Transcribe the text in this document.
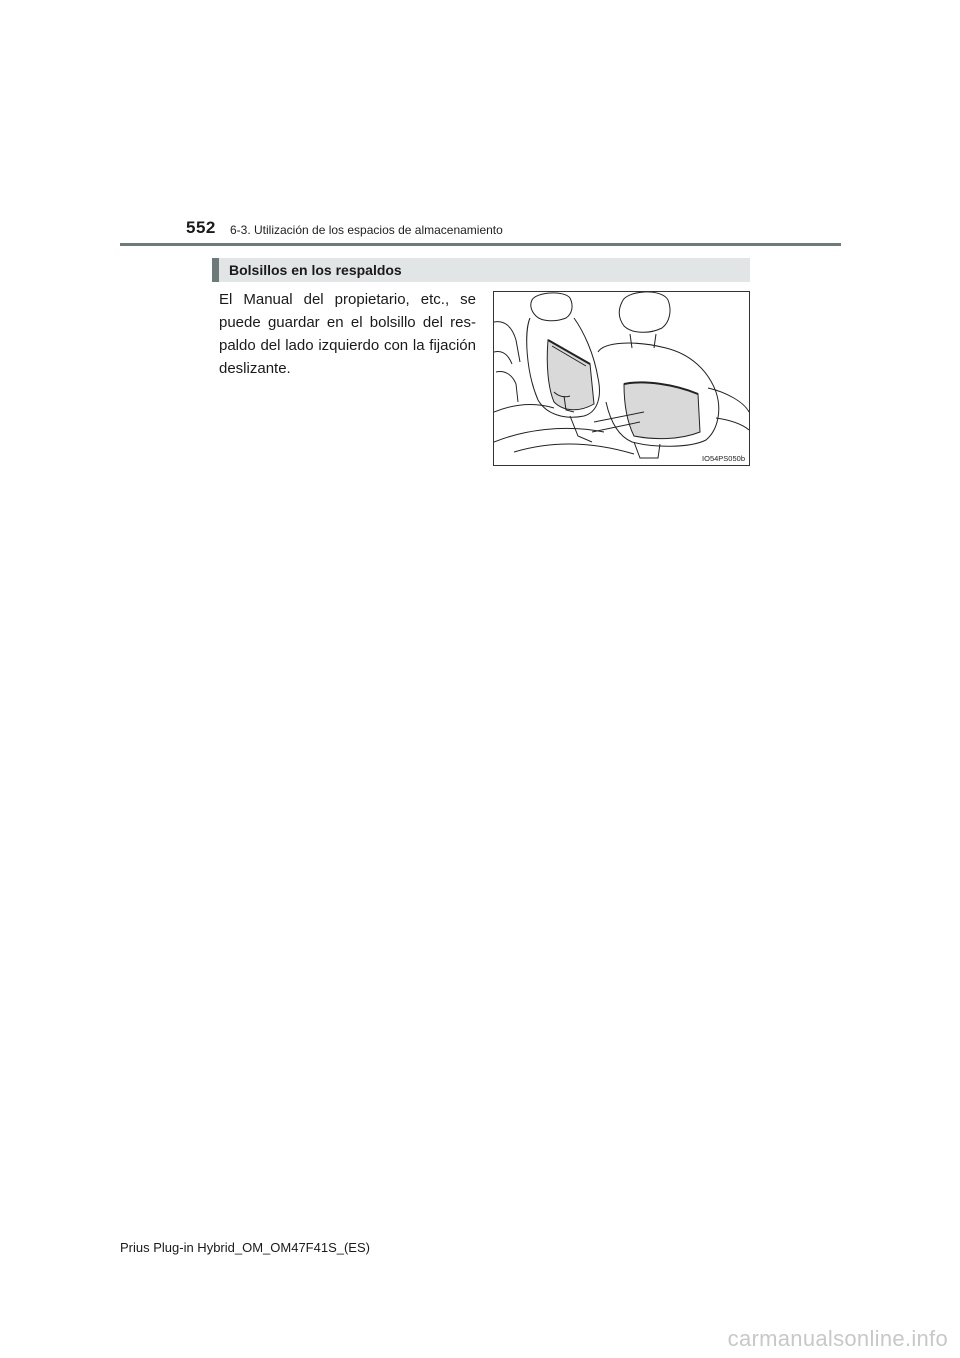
552 6-3. Utilización de los espacios de almacenamiento
Bolsillos en los respaldos
El Manual del propietario, etc., se puede guardar en el bolsillo del res- paldo del lado izquierdo con la fijación deslizante.
IO54PS050b
Prius Plug-in Hybrid_OM_OM47F41S_(ES)
carmanualsonline.info
